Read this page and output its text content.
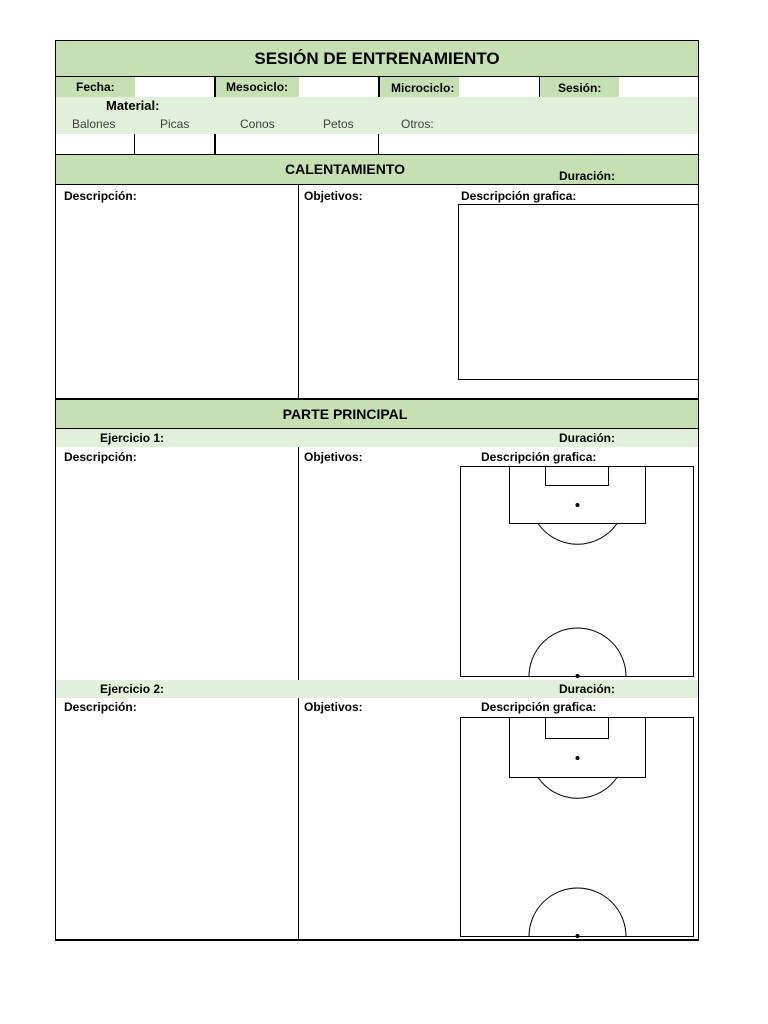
SESIÓN DE ENTRENAMIENTO
Fecha:	Mesociclo:	Microciclo:	Sesión:
Material:
Balones	Picas	Conos	Petos	Otros:
CALENTAMIENTO	Duración:
Descripción:	Objetivos:	Descripción grafica:
PARTE PRINCIPAL
Ejercicio 1:	Duración:
Descripción:	Objetivos:	Descripción grafica:
Ejercicio 2:	Duración:
Descripción:	Objetivos:	Descripción grafica:
